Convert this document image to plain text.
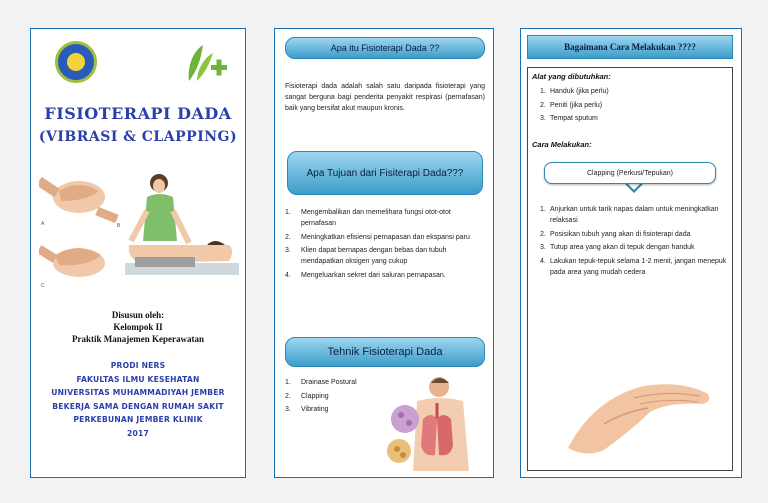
FISIOTERAPI DADA
(VIBRASI & CLAPPING)
A
C
B
Disusun oleh:
Kelompok II
Praktik Manajemen Keperawatan
PRODI NERS
FAKULTAS ILMU KESEHATAN
UNIVERSITAS MUHAMMADIYAH JEMBER
BEKERJA SAMA DENGAN RUMAH SAKIT
PERKEBUNAN JEMBER KLINIK
2017
Apa itu Fisioterapi Dada ??
Fisioterapi dada adalah salah satu daripada fisioterapi yang sangat berguna bagi penderita penyakit respirasi (pernafasan) baik yang bersifat akut maupun kronis.
Apa Tujuan dari Fisiterapi Dada???
1. Mengembalikan dan memelihara fungsi otot-otot pernafasan
2. Meningkatkan efisiensi pernapasan dan ekspansi paru
3. Klien dapat bernapas dengan bebas dan tubuh mendapatkan oksigen yang cukup
4. Mengeluarkan sekret dari saluran pernapasan.
Tehnik Fisioterapi Dada
1. Drainase Postural
2. Clapping
3. Vibrating
Bagaimana Cara Melakukan ????
Alat yang dibutuhkan:
1. Handuk (jika perlu)
2. Peniti (jika perlu)
3. Tempat sputum
Cara Melakukan:
Clapping (Perkusi/Tepukan)
1. Anjurkan untuk tarik napas dalam untuk meningkatkan relaksasi
2. Posisikan tubuh yang akan di fisioterapi dada
3. Tutup area yang akan di tepuk dengan handuk
4. Lakukan tepuk-tepuk selama 1-2 menit, jangan menepuk pada area yang mudah cedera
